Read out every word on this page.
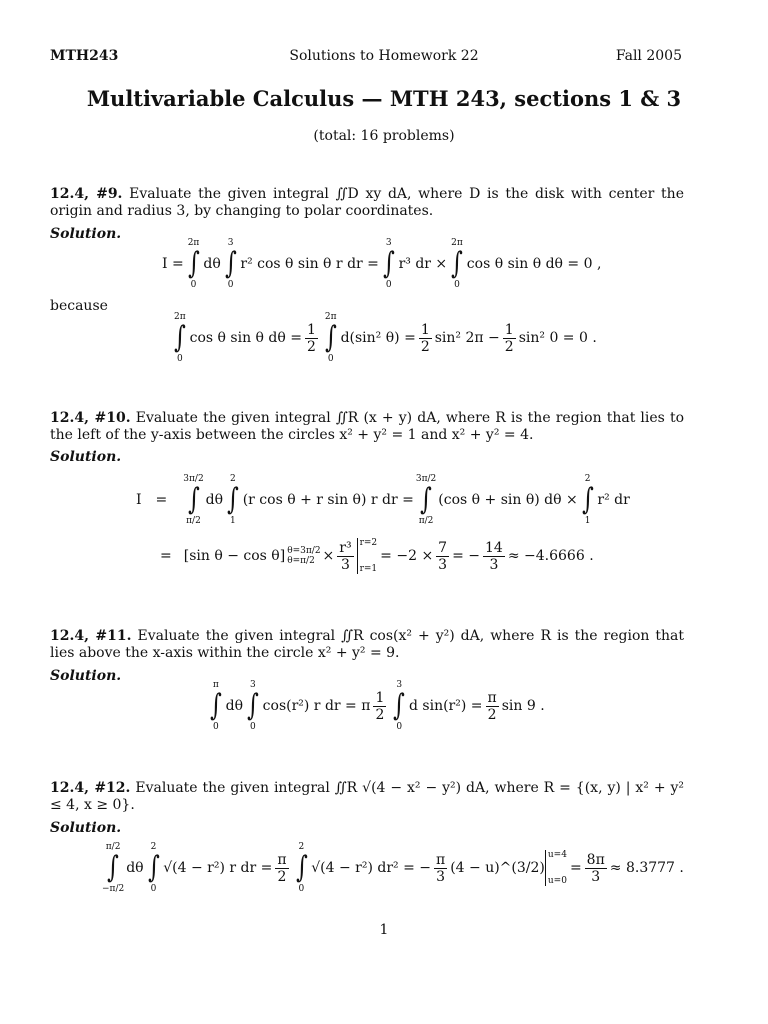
MTH243	Solutions to Homework 22	Fall 2005
Multivariable Calculus — MTH 243, sections 1 & 3
(total: 16 problems)
12.4, #9. Evaluate the given integral ∬D xy dA, where D is the disk with center the origin and radius 3, by changing to polar coordinates.
Solution.
I =
2π
∫
0
dθ
3
∫
0
r² cos θ sin θ r dr =
3
∫
0
r³ dr ×
2π
∫
0
cos θ sin θ dθ = 0 ,
because
2π
∫
0
cos θ sin θ $d\theta = \frac{1}{2}$
2π
∫
0
d(sin² $\theta) = \frac{1}{2} \sin^2$ $2\pi - \frac{1}{2} \sin^2$ 0 = 0 .
12.4, #10. Evaluate the given integral ∬R (x + y) dA, where R is the region that lies to the left of the y-axis between the circles x² + y² = 1 and x² + y² = 4.
Solution.
I =
3π/2
∫
π/2
dθ
2
∫
1
(r cos θ + r sin θ) r dr =
3π/2
∫
π/2
(cos θ + sin θ) dθ ×
2
∫
1
r² dr
= [sin θ − cos θ] θ=3π/2
$\theta=\pi/2 \times \frac{\text{r³}}{3} r=2$
r=1
= $-2 \times \frac{7}{3}$ = − $\frac{14}{3} \approx -4.6666$ .
12.4, #11. Evaluate the given integral ∬R cos(x² + y²) dA, where R is the region that lies above the x-axis within the circle x² + y² = 9.
Solution.
π
∫
0
dθ
3
∫
0
cos(r²) r dr = π $\frac{1}{2}$
3
∫
0
d $\sin(r^2) = \frac{\pi}{2}$ sin 9 .
12.4, #12. Evaluate the given integral ∬R √(4 − x² − y²) dA, where R = {(x, y) | x² + y² ≤ 4, x ≥ 0}.
Solution.
π/2
∫
−π/2
dθ
2
∫
0
√(4 − r²) r dr = $\frac{\pi}{2}$
2
∫
0
√(4 − r²) dr² = − $\frac{\pi}{3} (4$ − u)^(3/2)
u=4
u=0
= $\frac{8\pi}{3} \approx 8.3777$ .
1
